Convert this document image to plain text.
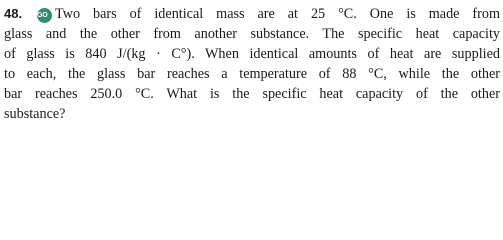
48. GO Two bars of identical mass are at 25 °C. One is made from
glass and the other from another substance. The specific heat capacity
of glass is 840 J/(kg · C°). When identical amounts of heat are supplied
to each, the glass bar reaches a temperature of 88 °C, while the other
bar reaches 250.0 °C. What is the specific heat capacity of the other
substance?
